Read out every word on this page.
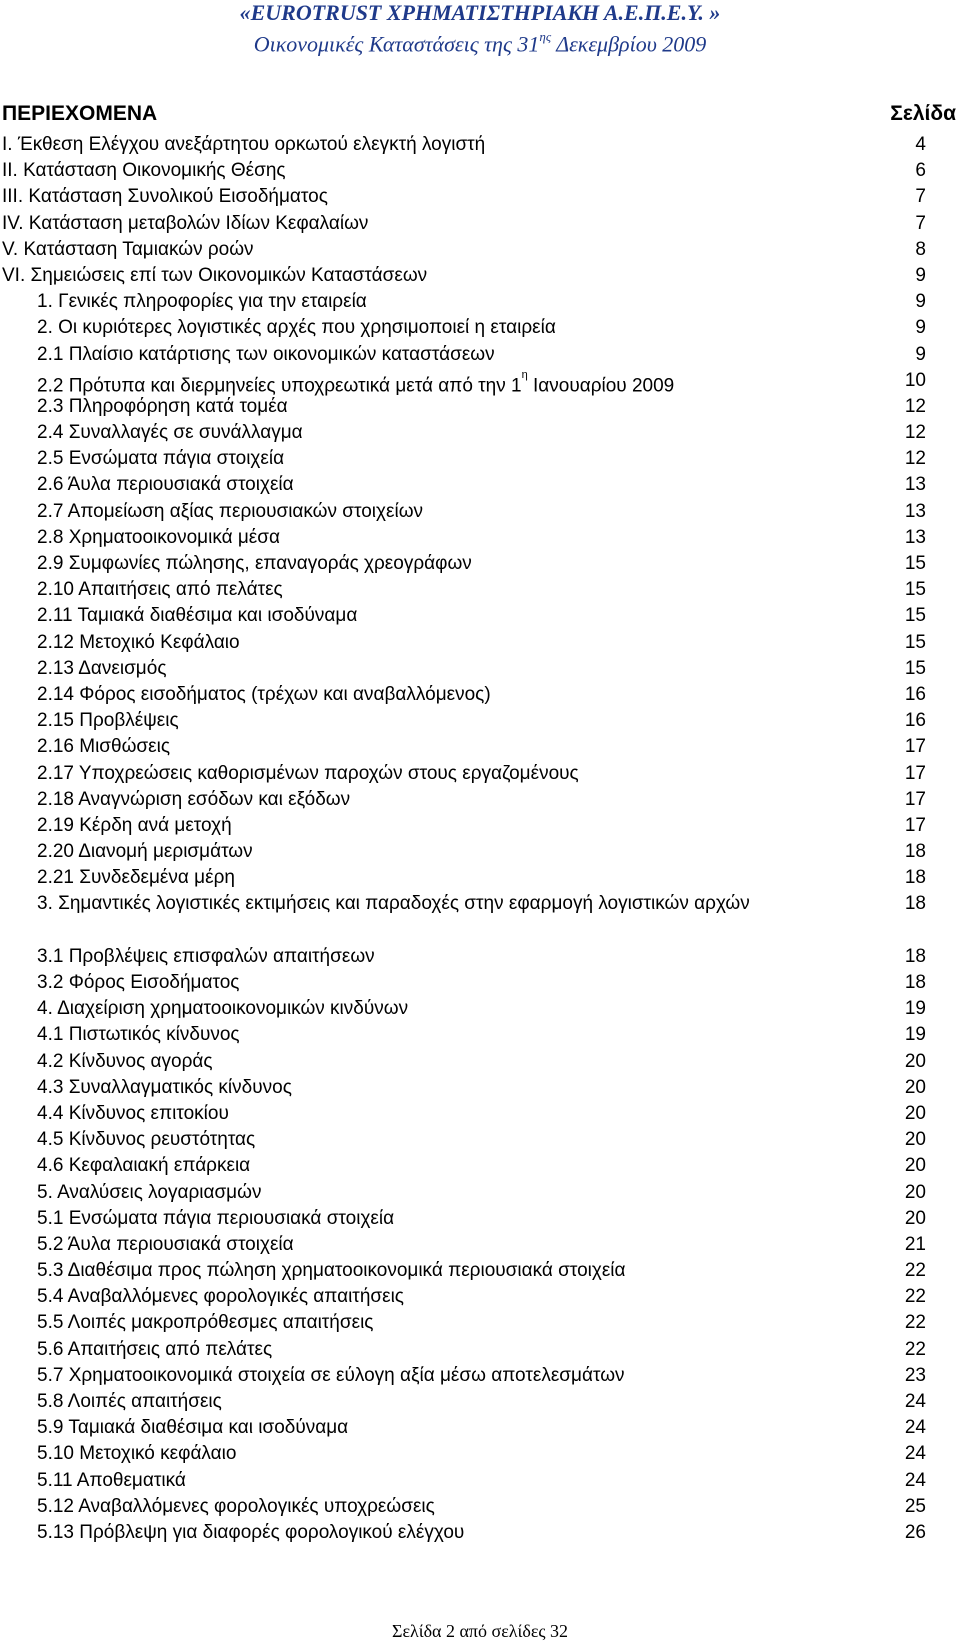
«EUROTRUST ΧΡΗΜΑΤΙΣΤΗΡΙΑΚΗ Α.Ε.Π.Ε.Υ. »
Οικονομικές Καταστάσεις της $31^{\eta\varsigma}$ Δεκεμβρίου 2009
ΠΕΡΙΕΧΟΜΕΝΑ	Σελίδα
I. Έκθεση Ελέγχου ανεξάρτητου ορκωτού ελεγκτή λογιστή	4
II. Κατάσταση Οικονομικής Θέσης	6
III. Κατάσταση Συνολικού Εισοδήματος	7
IV. Κατάσταση μεταβολών Ιδίων Κεφαλαίων	7
V. Κατάσταση Ταμιακών ροών	8
VI. Σημειώσεις επί των Οικονομικών Καταστάσεων	9
1. Γενικές πληροφορίες για την εταιρεία	9
2. Οι κυριότερες λογιστικές αρχές που χρησιμοποιεί η εταιρεία	9
2.1 Πλαίσιο κατάρτισης των οικονομικών καταστάσεων	9
2.2 Πρότυπα και διερμηνείες υποχρεωτικά μετά από την $1^\eta$ Ιανουαρίου 2009	10
2.3 Πληροφόρηση κατά τομέα	12
2.4 Συναλλαγές σε συνάλλαγμα	12
2.5 Ενσώματα πάγια στοιχεία	12
2.6 Άυλα περιουσιακά στοιχεία	13
2.7 Απομείωση αξίας περιουσιακών στοιχείων	13
2.8 Χρηματοοικονομικά μέσα	13
2.9 Συμφωνίες πώλησης, επαναγοράς χρεογράφων	15
2.10 Απαιτήσεις από πελάτες	15
2.11 Ταμιακά διαθέσιμα και ισοδύναμα	15
2.12 Μετοχικό Κεφάλαιο	15
2.13 Δανεισμός	15
2.14 Φόρος εισοδήματος (τρέχων και αναβαλλόμενος)	16
2.15 Προβλέψεις	16
2.16 Μισθώσεις	17
2.17 Υποχρεώσεις καθορισμένων παροχών στους εργαζομένους	17
2.18 Αναγνώριση εσόδων και εξόδων	17
2.19 Κέρδη ανά μετοχή	17
2.20 Διανομή μερισμάτων	18
2.21 Συνδεδεμένα μέρη	18
3. Σημαντικές λογιστικές εκτιμήσεις και παραδοχές στην εφαρμογή λογιστικών αρχών	18
3.1 Προβλέψεις επισφαλών απαιτήσεων	18
3.2 Φόρος Εισοδήματος	18
4. Διαχείριση χρηματοοικονομικών κινδύνων	19
4.1 Πιστωτικός κίνδυνος	19
4.2 Κίνδυνος αγοράς	20
4.3 Συναλλαγματικός κίνδυνος	20
4.4 Κίνδυνος επιτοκίου	20
4.5 Κίνδυνος ρευστότητας	20
4.6 Κεφαλαιακή επάρκεια	20
5. Αναλύσεις λογαριασμών	20
5.1 Ενσώματα πάγια περιουσιακά στοιχεία	20
5.2 Άυλα περιουσιακά στοιχεία	21
5.3 Διαθέσιμα προς πώληση χρηματοοικονομικά περιουσιακά στοιχεία	22
5.4 Αναβαλλόμενες φορολογικές απαιτήσεις	22
5.5 Λοιπές μακροπρόθεσμες απαιτήσεις	22
5.6 Απαιτήσεις από πελάτες	22
5.7 Χρηματοοικονομικά στοιχεία σε εύλογη αξία μέσω αποτελεσμάτων	23
5.8 Λοιπές απαιτήσεις	24
5.9 Ταμιακά διαθέσιμα και ισοδύναμα	24
5.10 Μετοχικό κεφάλαιο	24
5.11 Αποθεματικά	24
5.12 Αναβαλλόμενες φορολογικές υποχρεώσεις	25
5.13 Πρόβλεψη για διαφορές φορολογικού ελέγχου	26
Σελίδα 2 από σελίδες 32
